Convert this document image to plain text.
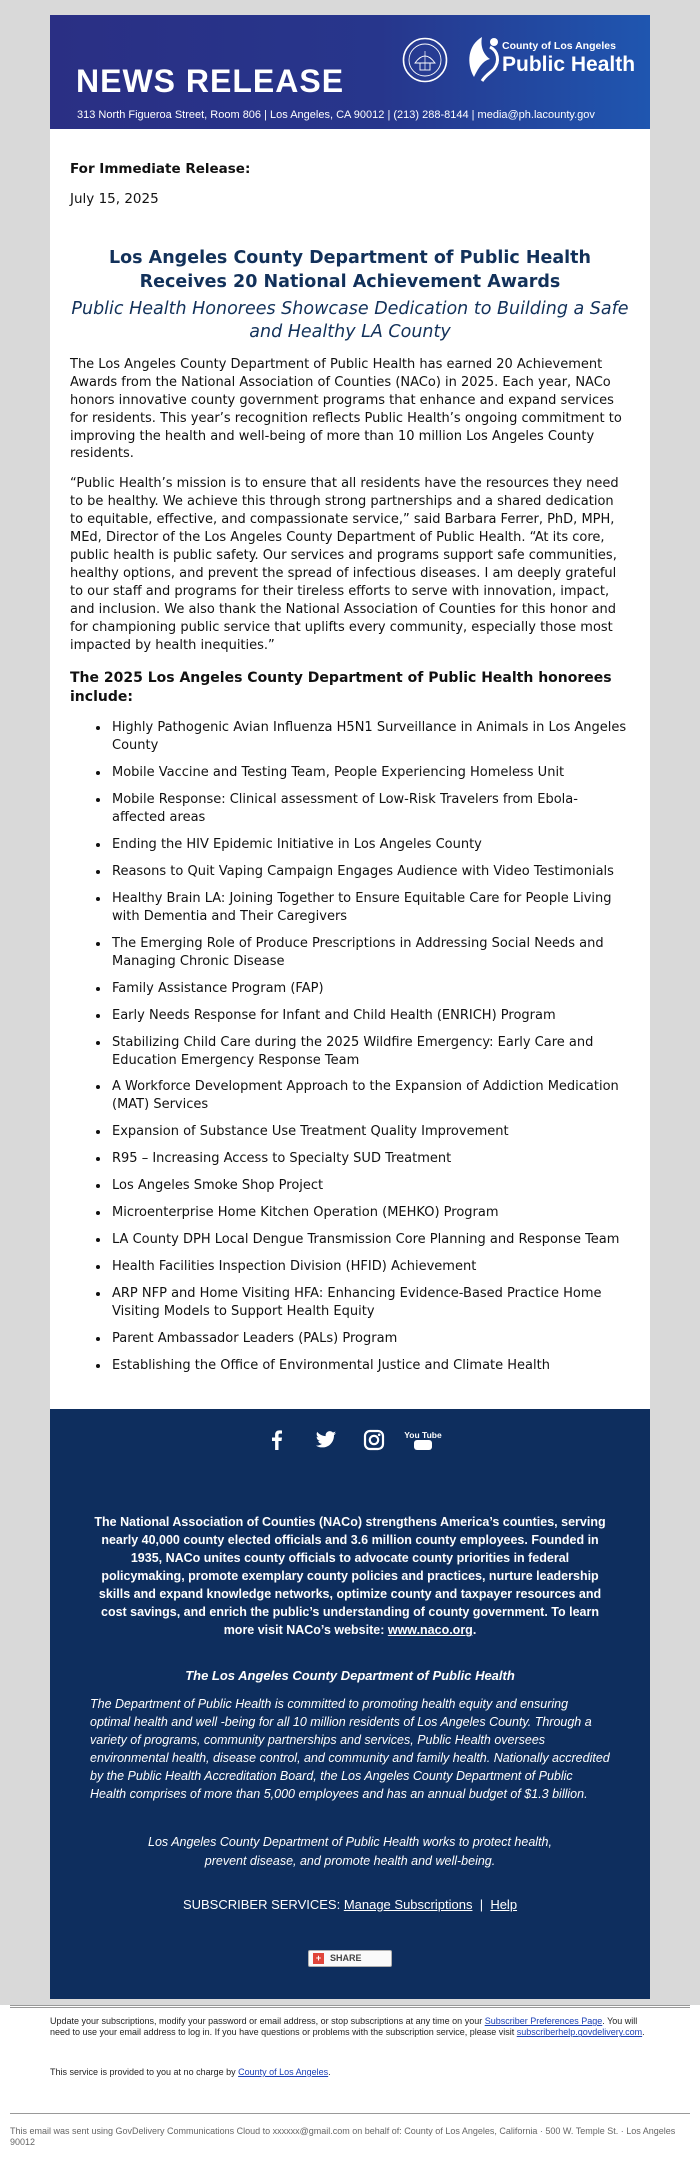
NEWS RELEASE
313 North Figueroa Street, Room 806 | Los Angeles, CA 90012 | (213) 288-8144 | media@ph.lacounty.gov
County of Los Angeles
Public Health
For Immediate Release:
July 15, 2025
Los Angeles County Department of Public Health Receives 20 National Achievement Awards
Public Health Honorees Showcase Dedication to Building a Safe and Healthy LA County

The Los Angeles County Department of Public Health has earned 20 Achievement Awards from the National Association of Counties (NACo) in 2025. Each year, NACo honors innovative county government programs that enhance and expand services for residents. This year’s recognition reflects Public Health’s ongoing commitment to improving the health and well-being of more than 10 million Los Angeles County residents.

“Public Health’s mission is to ensure that all residents have the resources they need to be healthy. We achieve this through strong partnerships and a shared dedication to equitable, effective, and compassionate service,” said Barbara Ferrer, PhD, MPH, MEd, Director of the Los Angeles County Department of Public Health. “At its core, public health is public safety. Our services and programs support safe communities, healthy options, and prevent the spread of infectious diseases. I am deeply grateful to our staff and programs for their tireless efforts to serve with innovation, impact, and inclusion. We also thank the National Association of Counties for this honor and for championing public service that uplifts every community, especially those most impacted by health inequities.”

The 2025 Los Angeles County Department of Public Health honorees include:
• Highly Pathogenic Avian Influenza H5N1 Surveillance in Animals in Los Angeles County
• Mobile Vaccine and Testing Team, People Experiencing Homeless Unit
• Mobile Response: Clinical assessment of Low-Risk Travelers from Ebola-affected areas
• Ending the HIV Epidemic Initiative in Los Angeles County
• Reasons to Quit Vaping Campaign Engages Audience with Video Testimonials
• Healthy Brain LA: Joining Together to Ensure Equitable Care for People Living with Dementia and Their Caregivers
• The Emerging Role of Produce Prescriptions in Addressing Social Needs and Managing Chronic Disease
• Family Assistance Program (FAP)
• Early Needs Response for Infant and Child Health (ENRICH) Program
• Stabilizing Child Care during the 2025 Wildfire Emergency: Early Care and Education Emergency Response Team
• A Workforce Development Approach to the Expansion of Addiction Medication (MAT) Services
• Expansion of Substance Use Treatment Quality Improvement
• R95 – Increasing Access to Specialty SUD Treatment
• Los Angeles Smoke Shop Project
• Microenterprise Home Kitchen Operation (MEHKO) Program
• LA County DPH Local Dengue Transmission Core Planning and Response Team
• Health Facilities Inspection Division (HFID) Achievement
• ARP NFP and Home Visiting HFA: Enhancing Evidence-Based Practice Home Visiting Models to Support Health Equity
• Parent Ambassador Leaders (PALs) Program
• Establishing the Office of Environmental Justice and Climate Health

You Tube
The National Association of Counties (NACo) strengthens America’s counties, serving nearly 40,000 county elected officials and 3.6 million county employees. Founded in 1935, NACo unites county officials to advocate county priorities in federal policymaking, promote exemplary county policies and practices, nurture leadership skills and expand knowledge networks, optimize county and taxpayer resources and cost savings, and enrich the public’s understanding of county government. To learn more visit NACo’s website: www.naco.org.
The Los Angeles County Department of Public Health
The Department of Public Health is committed to promoting health equity and ensuring optimal health and well -being for all 10 million residents of Los Angeles County. Through a variety of programs, community partnerships and services, Public Health oversees environmental health, disease control, and community and family health. Nationally accredited by the Public Health Accreditation Board, the Los Angeles County Department of Public Health comprises of more than 5,000 employees and has an annual budget of $1.3 billion.
Los Angeles County Department of Public Health works to protect health,
prevent disease, and promote health and well-being.
SUBSCRIBER SERVICES: Manage Subscriptions | Help
+ SHARE
Update your subscriptions, modify your password or email address, or stop subscriptions at any time on your Subscriber Preferences Page. You will need to use your email address to log in. If you have questions or problems with the subscription service, please visit subscriberhelp.govdelivery.com.
This service is provided to you at no charge by County of Los Angeles.
This email was sent using GovDelivery Communications Cloud to xxxxxx@gmail.com on behalf of: County of Los Angeles, California · 500 W. Temple St. · Los Angeles 90012
